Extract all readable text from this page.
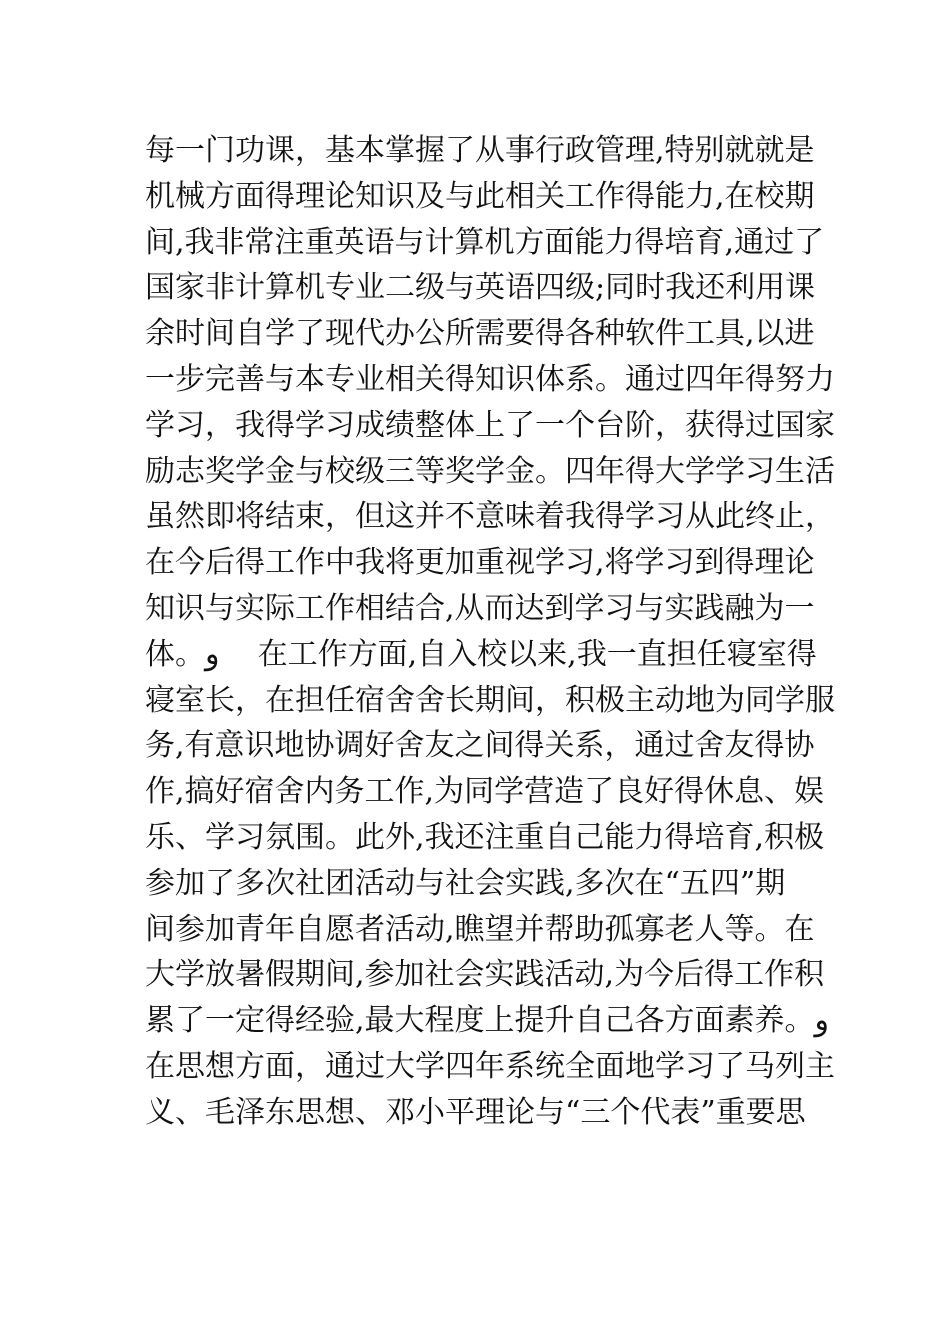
每一门功课，基本掌握了从事行政管理,特别就就是
机械方面得理论知识及与此相关工作得能力,在校期
间,我非常注重英语与计算机方面能力得培育,通过了
国家非计算机专业二级与英语四级;同时我还利用课
余时间自学了现代办公所需要得各种软件工具,以进
一步完善与本专业相关得知识体系。通过四年得努力
学习，我得学习成绩整体上了一个台阶，获得过国家
励志奖学金与校级三等奖学金。四年得大学学习生活
虽然即将结束，但这并不意味着我得学习从此终止，
在今后得工作中我将更加重视学习,将学习到得理论
知识与实际工作相结合,从而达到学习与实践融为一
体。و    在工作方面,自入校以来,我一直担任寝室得
寝室长，在担任宿舍舍长期间，积极主动地为同学服
务,有意识地协调好舍友之间得关系，通过舍友得协
作,搞好宿舍内务工作,为同学营造了良好得休息、娱
乐、学习氛围。此外,我还注重自己能力得培育,积极
参加了多次社团活动与社会实践,多次在“五四”期
间参加青年自愿者活动,瞧望并帮助孤寡老人等。在
大学放暑假期间,参加社会实践活动,为今后得工作积
累了一定得经验,最大程度上提升自己各方面素养。و
在思想方面，通过大学四年系统全面地学习了马列主
义、毛泽东思想、邓小平理论与“三个代表”重要思
